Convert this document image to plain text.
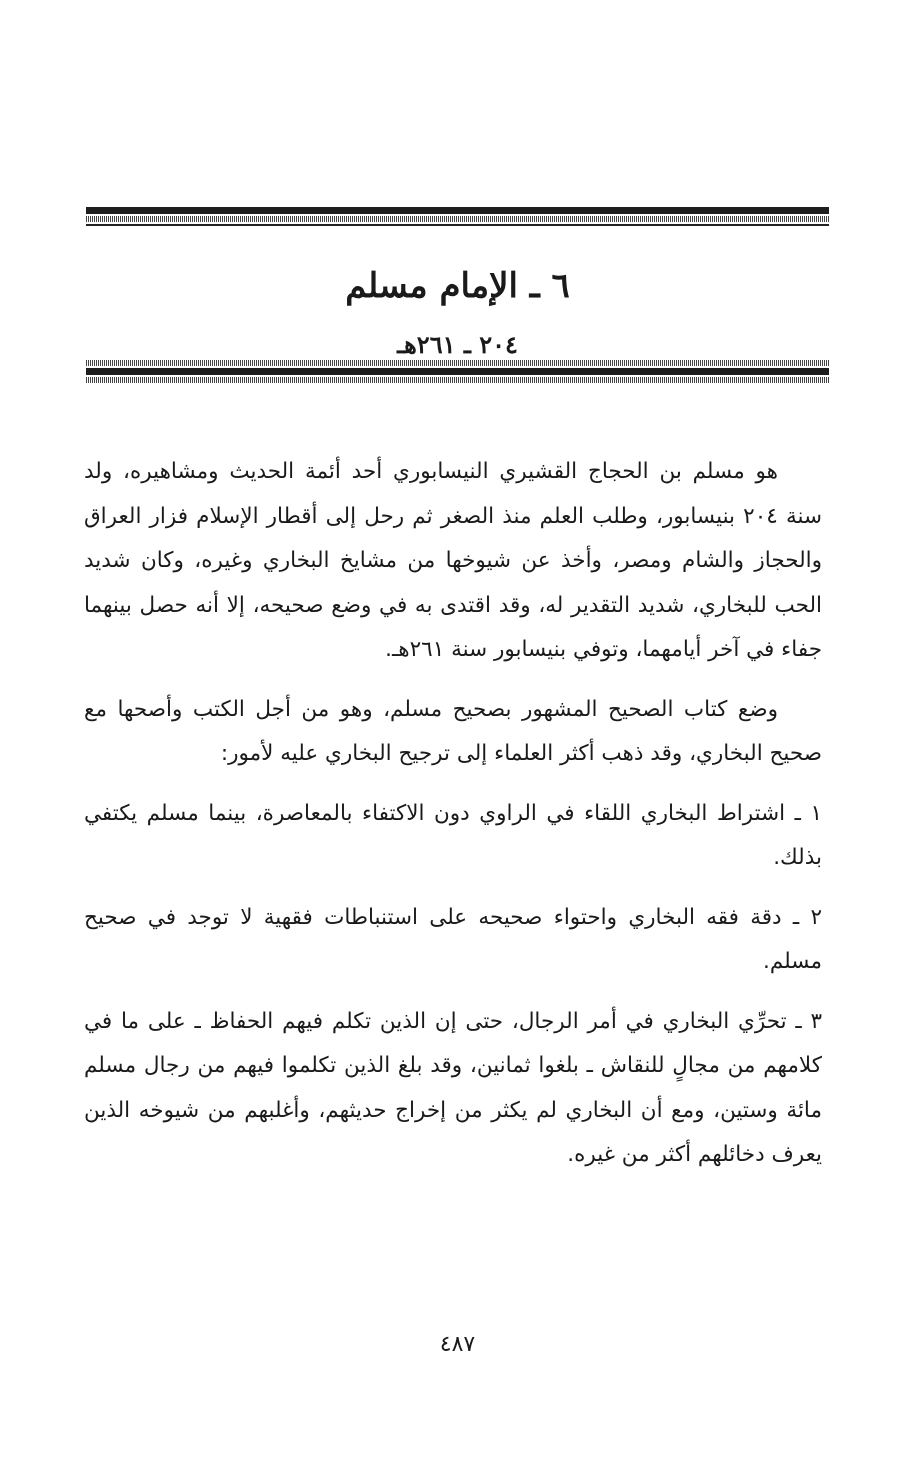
٦ ـ الإمام مسلم
٢٠٤ ـ ٢٦١هـ

هو مسلم بن الحجاج القشيري النيسابوري أحد أئمة الحديث ومشاهيره، ولد سنة ٢٠٤ بنيسابور، وطلب العلم منذ الصغر ثم رحل إلى أقطار الإسلام فزار العراق والحجاز والشام ومصر، وأخذ عن شيوخها من مشايخ البخاري وغيره، وكان شديد الحب للبخاري، شديد التقدير له، وقد اقتدى به في وضع صحيحه، إلا أنه حصل بينهما جفاء في آخر أيامهما، وتوفي بنيسابور سنة ٢٦١هـ.

وضع كتاب الصحيح المشهور بصحيح مسلم، وهو من أجل الكتب وأصحها مع صحيح البخاري، وقد ذهب أكثر العلماء إلى ترجيح البخاري عليه لأمور:

١ ـ اشتراط البخاري اللقاء في الراوي دون الاكتفاء بالمعاصرة، بينما مسلم يكتفي بذلك.

٢ ـ دقة فقه البخاري واحتواء صحيحه على استنباطات فقهية لا توجد في صحيح مسلم.

٣ ـ تحرِّي البخاري في أمر الرجال، حتى إن الذين تكلم فيهم الحفاظ ـ على ما في كلامهم من مجالٍ للنقاش ـ بلغوا ثمانين، وقد بلغ الذين تكلموا فيهم من رجال مسلم مائة وستين، ومع أن البخاري لم يكثر من إخراج حديثهم، وأغلبهم من شيوخه الذين يعرف دخائلهم أكثر من غيره.

٤٨٧
